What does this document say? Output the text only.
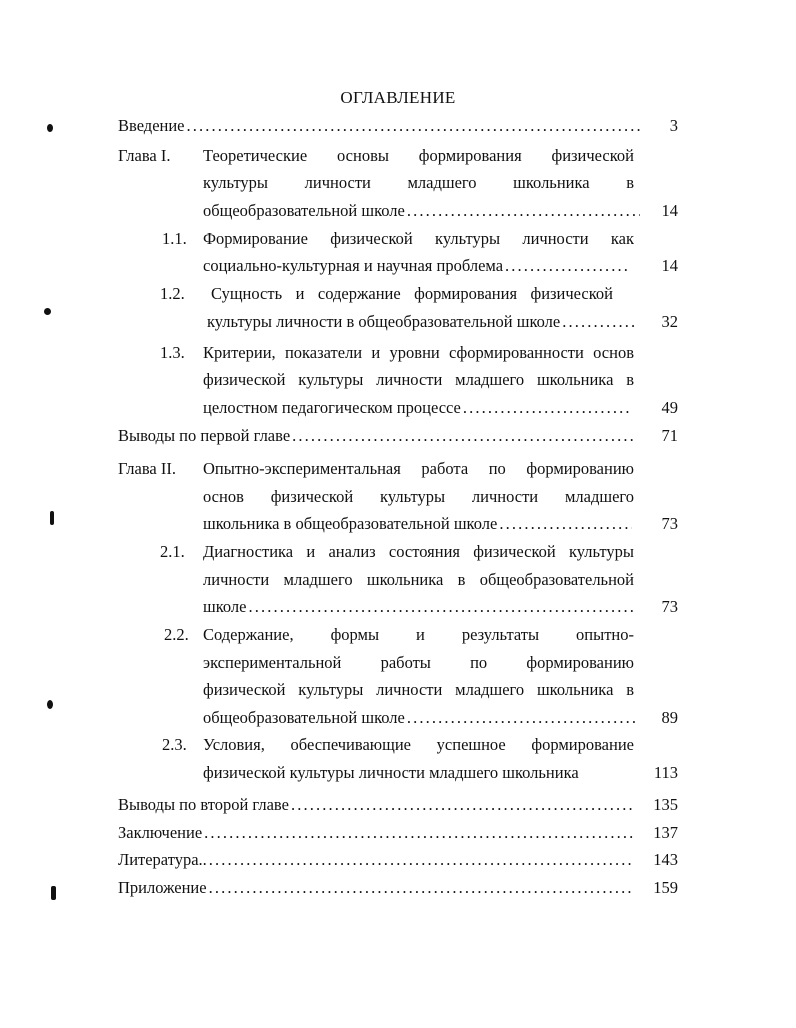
ОГЛАВЛЕНИЕ
Введение . . .	3
Глава I. Теоретические основы формирования физической
культуры личности младшего школьника в
общеобразовательной школе . . .	14
1.1. Формирование физической культуры личности как
социально-культурная и научная проблема . . .	14
1.2. Сущность и содержание формирования физической
культуры личности в общеобразовательной школе . . .	32
1.3. Критерии, показатели и уровни сформированности основ
физической культуры личности младшего школьника в
целостном педагогическом процессе . . .	49
Выводы по первой главе . . .	71
Глава II. Опытно-экспериментальная работа по формированию
основ физической культуры личности младшего
школьника в общеобразовательной школе . . .	73
2.1. Диагностика и анализ состояния физической культуры
личности младшего школьника в общеобразовательной
школе . . .	73
2.2. Содержание, формы и результаты опытно-
экспериментальной работы по формированию
физической культуры личности младшего школьника в
общеобразовательной школе . . .	89
2.3. Условия, обеспечивающие успешное формирование
физической культуры личности младшего школьника	113
Выводы по второй главе . . .	135
Заключение . . .	137
Литература.. . . .	143
Приложение . . .	159
